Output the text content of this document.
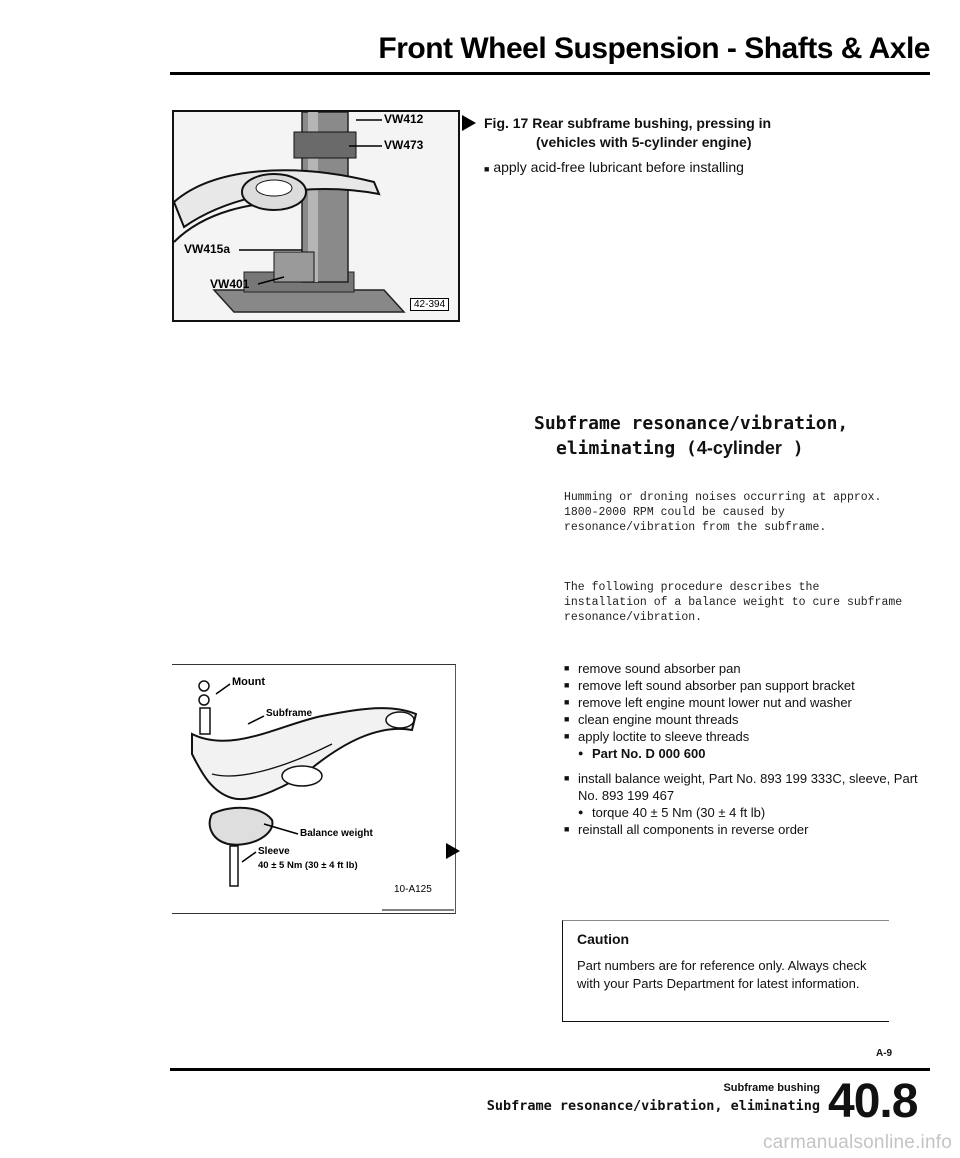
Front Wheel Suspension - Shafts & Axle
VW412
VW473
VW415a
VW401
42-394
Fig. 17 Rear subframe bushing, pressing in
(vehicles with 5-cylinder engine)
■ apply acid-free lubricant before installing
Subframe resonance/vibration,
eliminating (4-cylinder )
Humming or droning noises occurring at approx. 1800-2000 RPM could be caused by resonance/vibration from the subframe.
The following procedure describes the installation of a balance weight to cure subframe resonance/vibration.
Mount
Subframe
Balance weight
Sleeve
40 ± 5 Nm (30 ± 4 ft lb)
10-A125
■ remove sound absorber pan
■ remove left sound absorber pan support bracket
■ remove left engine mount lower nut and washer
■ clean engine mount threads
■ apply loctite to sleeve threads
● Part No. D 000 600
■ install balance weight, Part No. 893 199 333C, sleeve, Part No. 893 199 467
● torque 40 ± 5 Nm (30 ± 4 ft lb)
■ reinstall all components in reverse order
Caution
Part numbers are for reference only. Always check with your Parts Department for latest information.
A-9
Subframe bushing
Subframe resonance/vibration, eliminating 40.8
carmanualsonline.info
